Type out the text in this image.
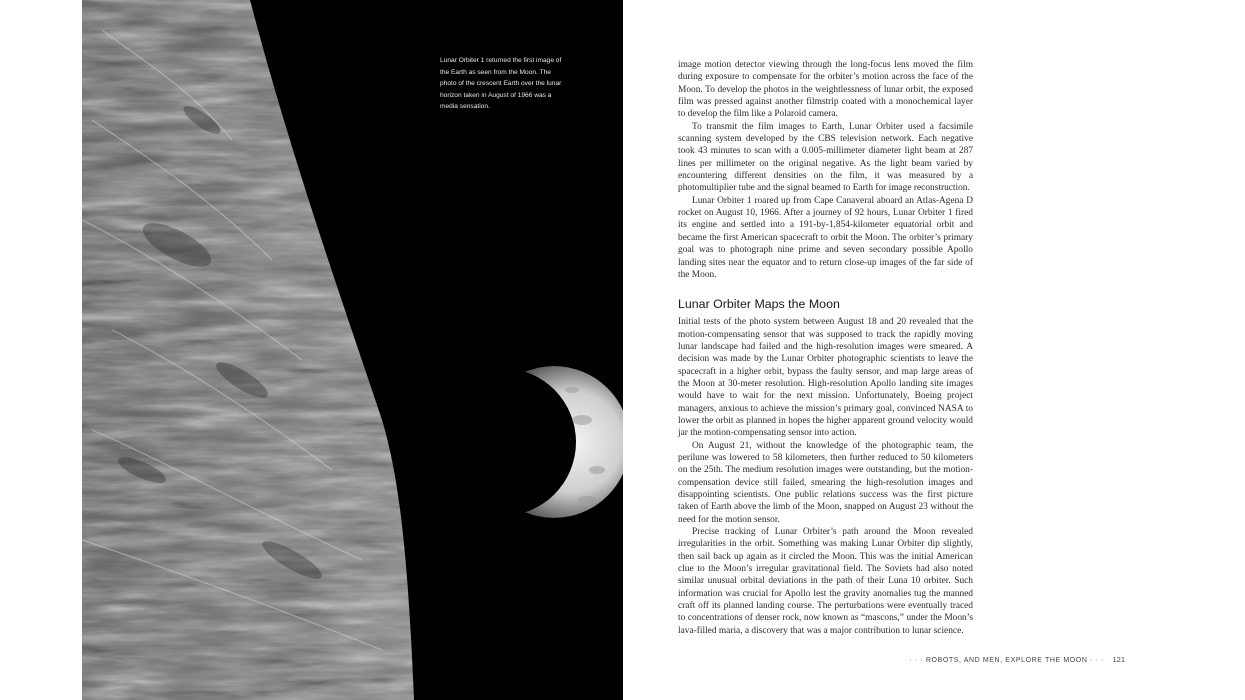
Lunar Orbiter 1 returned the first image of the Earth as seen from the Moon. The photo of the crescent Earth over the lunar horizon taken in August of 1966 was a media sensation.

image motion detector viewing through the long-focus lens moved the film during exposure to compensate for the orbiter’s motion across the face of the Moon. To develop the photos in the weightlessness of lunar orbit, the exposed film was pressed against another filmstrip coated with a monochemical layer to develop the film like a Polaroid camera.

To transmit the film images to Earth, Lunar Orbiter used a facsimile scanning system developed by the CBS television network. Each negative took 43 minutes to scan with a 0.005-millimeter diameter light beam at 287 lines per millimeter on the original negative. As the light beam varied by encountering different densities on the film, it was measured by a photomultiplier tube and the signal beamed to Earth for image reconstruction.

Lunar Orbiter 1 roared up from Cape Canaveral aboard an Atlas-Agena D rocket on August 10, 1966. After a journey of 92 hours, Lunar Orbiter 1 fired its engine and settled into a 191-by-1,854-kilometer equatorial orbit and became the first American spacecraft to orbit the Moon. The orbiter’s primary goal was to photograph nine prime and seven secondary possible Apollo landing sites near the equator and to return close-up images of the far side of the Moon.

Lunar Orbiter Maps the Moon

Initial tests of the photo system between August 18 and 20 revealed that the motion-compensating sensor that was supposed to track the rapidly moving lunar landscape had failed and the high-resolution images were smeared. A decision was made by the Lunar Orbiter photographic scientists to leave the spacecraft in a higher orbit, bypass the faulty sensor, and map large areas of the Moon at 30-meter resolution. High-resolution Apollo landing site images would have to wait for the next mission. Unfortunately, Boeing project managers, anxious to achieve the mission’s primary goal, convinced NASA to lower the orbit as planned in hopes the higher apparent ground velocity would jar the motion-compensating sensor into action.

On August 21, without the knowledge of the photographic team, the perilune was lowered to 58 kilometers, then further reduced to 50 kilometers on the 25th. The medium resolution images were outstanding, but the motion-compensation device still failed, smearing the high-resolution images and disappointing scientists. One public relations success was the first picture taken of Earth above the limb of the Moon, snapped on August 23 without the need for the motion sensor.

Precise tracking of Lunar Orbiter’s path around the Moon revealed irregularities in the orbit. Something was making Lunar Orbiter dip slightly, then sail back up again as it circled the Moon. This was the initial American clue to the Moon’s irregular gravitational field. The Soviets had also noted similar unusual orbital deviations in the path of their Luna 10 orbiter. Such information was crucial for Apollo lest the gravity anomalies tug the manned craft off its planned landing course. The perturbations were eventually traced to concentrations of denser rock, now known as “mascons,” under the Moon’s lava-filled maria, a discovery that was a major contribution to lunar science.

· · · ROBOTS, AND MEN, EXPLORE THE MOON · · · 121
